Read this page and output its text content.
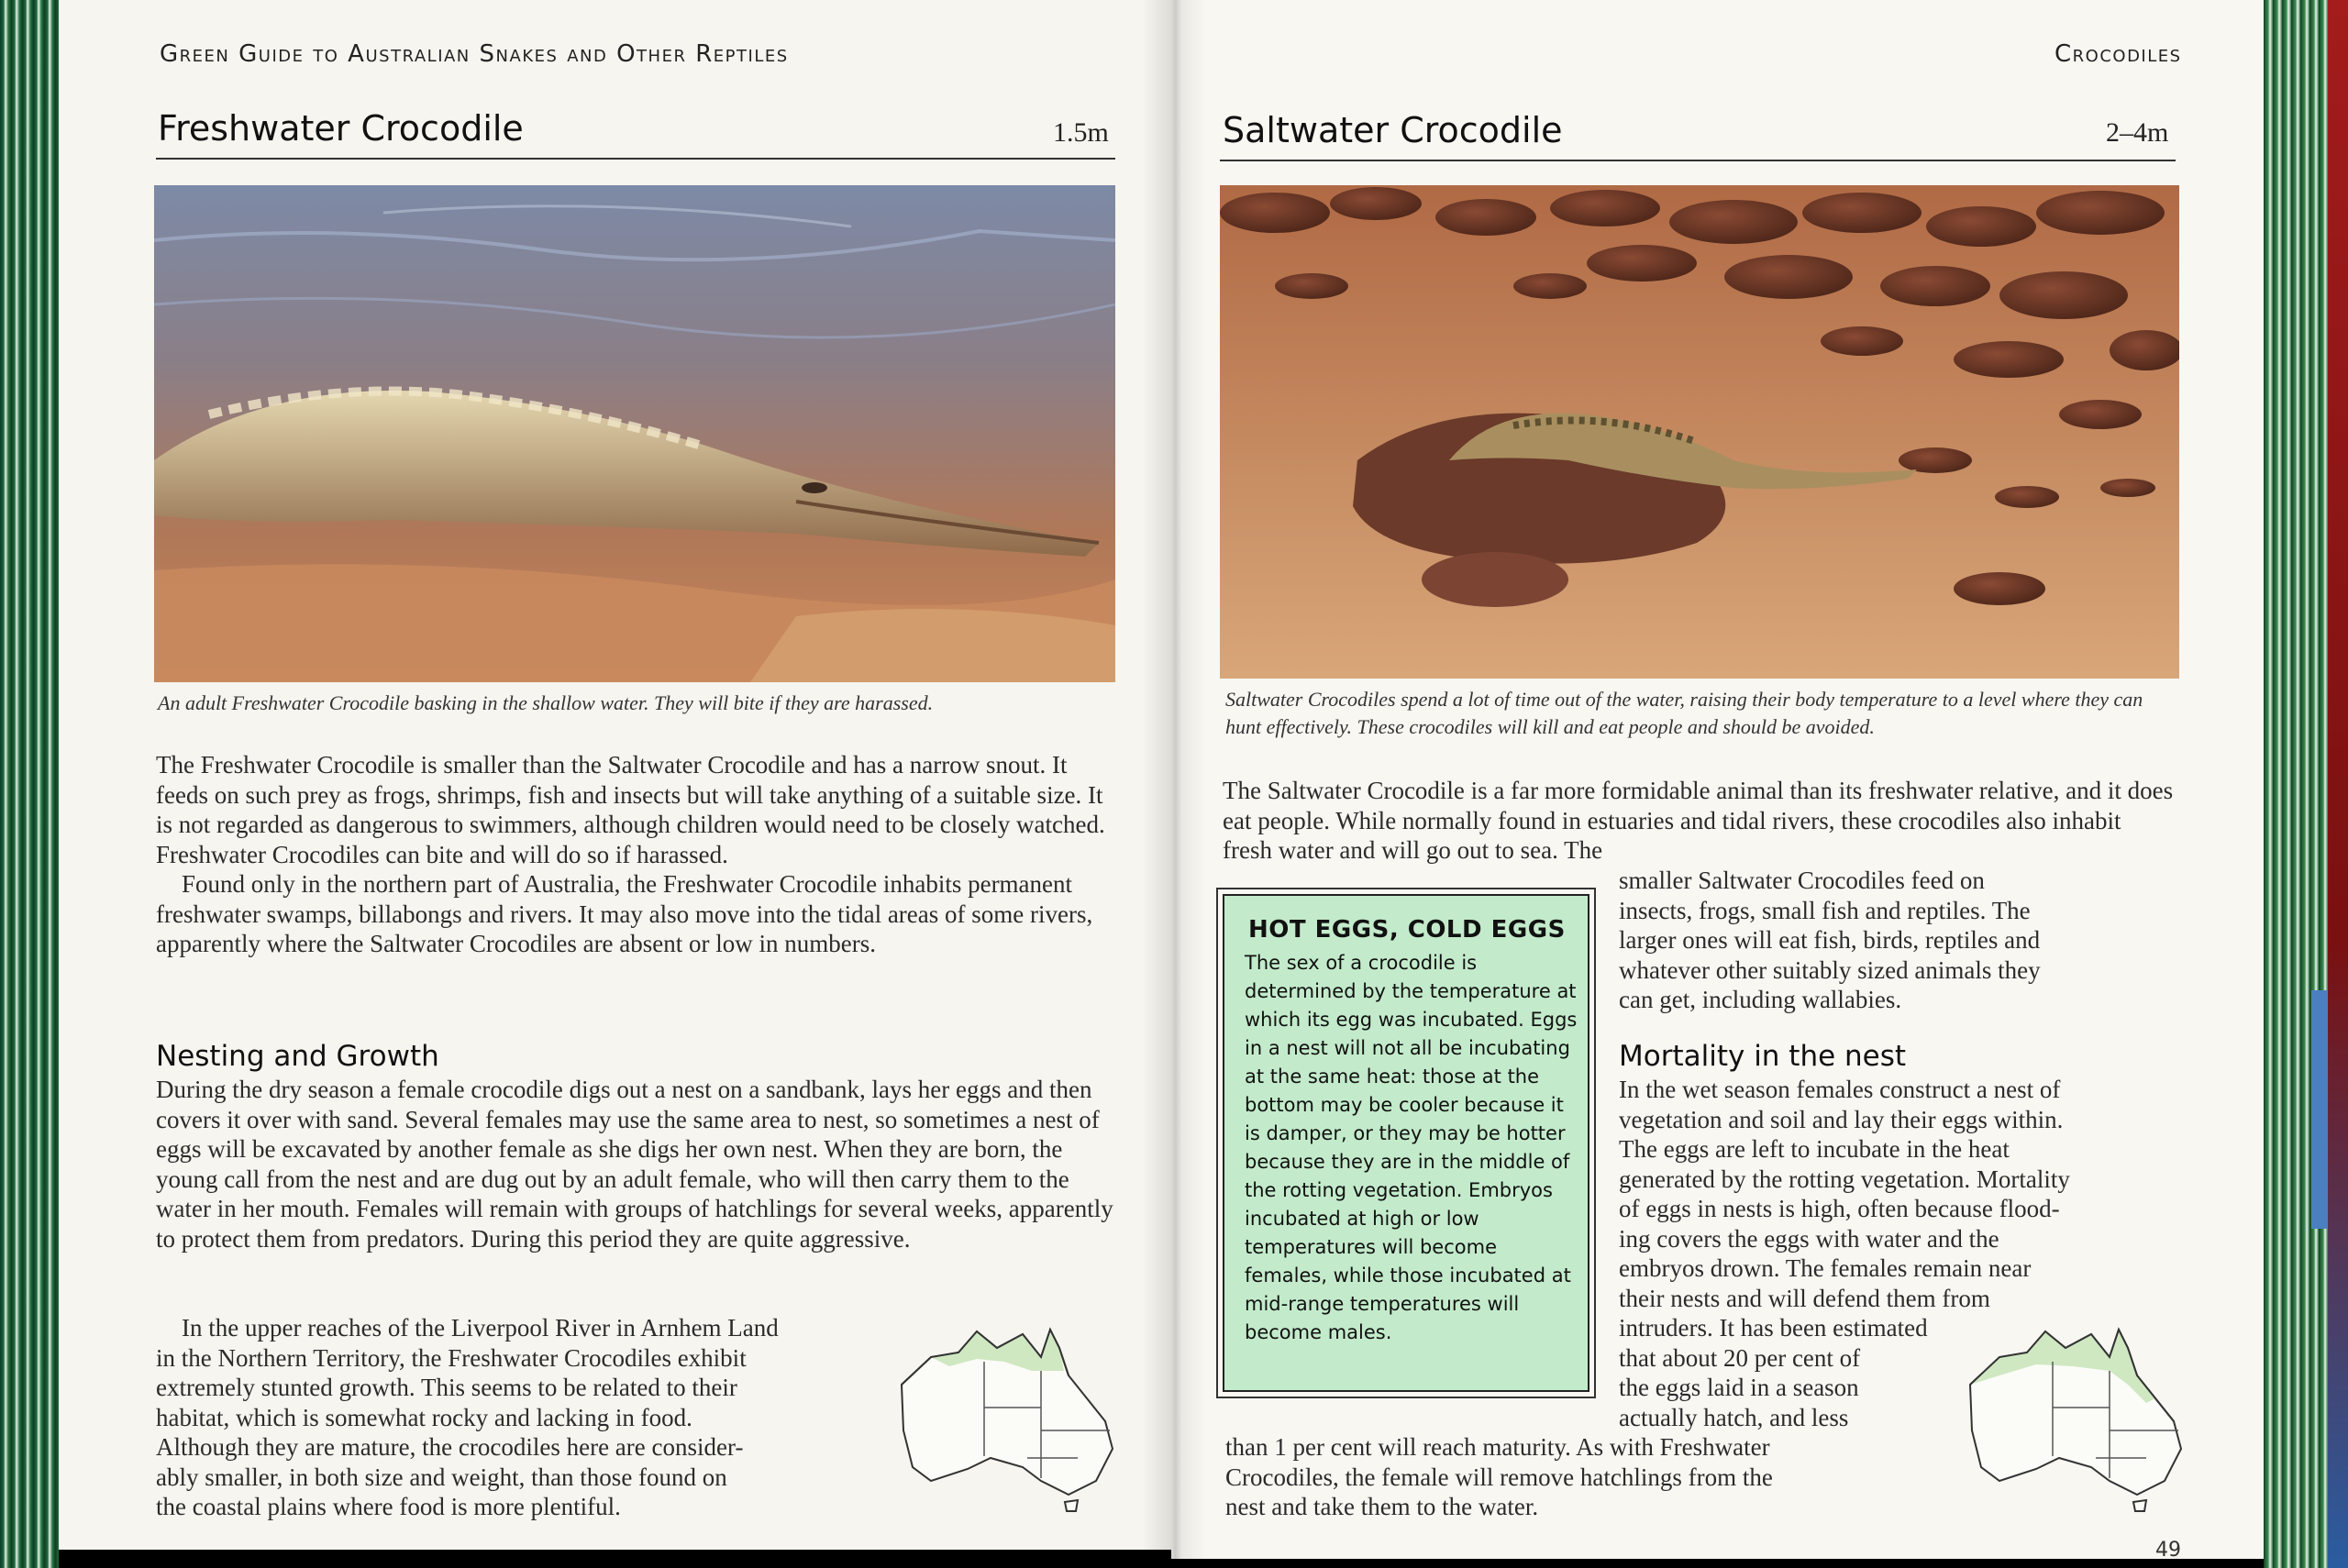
Green Guide to Australian Snakes and Other Reptiles
Freshwater Crocodile	1.5m
An adult Freshwater Crocodile basking in the shallow water. They will bite if they are harassed.

The Freshwater Crocodile is smaller than the Saltwater Crocodile and has a narrow snout. It feeds on such prey as frogs, shrimps, fish and insects but will take anything of a suitable size. It is not regarded as dangerous to swimmers, although children would need to be closely watched. Freshwater Crocodiles can bite and will do so if harassed.

Found only in the northern part of Australia, the Freshwater Crocodile inhabits permanent freshwater swamps, billabongs and rivers. It may also move into the tidal areas of some rivers, apparently where the Saltwater Crocodiles are absent or low in numbers.

Nesting and Growth

During the dry season a female crocodile digs out a nest on a sandbank, lays her eggs and then covers it over with sand. Several females may use the same area to nest, so sometimes a nest of eggs will be excavated by another female as she digs her own nest. When they are born, the young call from the nest and are dug out by an adult female, who will then carry them to the water in her mouth. Females will remain with groups of hatchlings for several weeks, apparently to protect them from predators. During this period they are quite aggressive.

In the upper reaches of the Liverpool River in Arnhem Land
in the Northern Territory, the Freshwater Crocodiles exhibit
extremely stunted growth. This seems to be related to their
habitat, which is somewhat rocky and lacking in food.
Although they are mature, the crocodiles here are consider-
ably smaller, in both size and weight, than those found on
the coastal plains where food is more plentiful.
Crocodiles
Saltwater Crocodile	2–4m
Saltwater Crocodiles spend a lot of time out of the water, raising their body temperature to a level where they can hunt effectively. These crocodiles will kill and eat people and should be avoided.

The Saltwater Crocodile is a far more formidable animal than its freshwater relative, and it does eat people. While normally found in estuaries and tidal rivers, these crocodiles also inhabit fresh water and will go out to sea. The

smaller Saltwater Crocodiles feed on
insects, frogs, small fish and reptiles. The
larger ones will eat fish, birds, reptiles and
whatever other suitably sized animals they
can get, including wallabies.
Mortality in the nest
In the wet season females construct a nest of
vegetation and soil and lay their eggs within.
The eggs are left to incubate in the heat
generated by the rotting vegetation. Mortality
of eggs in nests is high, often because flood-
ing covers the eggs with water and the
embryos drown. The females remain near
their nests and will defend them from
intruders. It has been estimated
that about 20 per cent of
the eggs laid in a season
actually hatch, and less
than 1 per cent will reach maturity. As with Freshwater
Crocodiles, the female will remove hatchlings from the
nest and take them to the water.
HOT EGGS, COLD EGGS
The sex of a crocodile is determined by the temperature at which its egg was incubated. Eggs in a nest will not all be incubating at the same heat: those at the bottom may be cooler because it is damper, or they may be hotter because they are in the middle of the rotting vegetation. Embryos incubated at high or low temperatures will become females, while those incubated at mid-range temperatures will become males.
49
